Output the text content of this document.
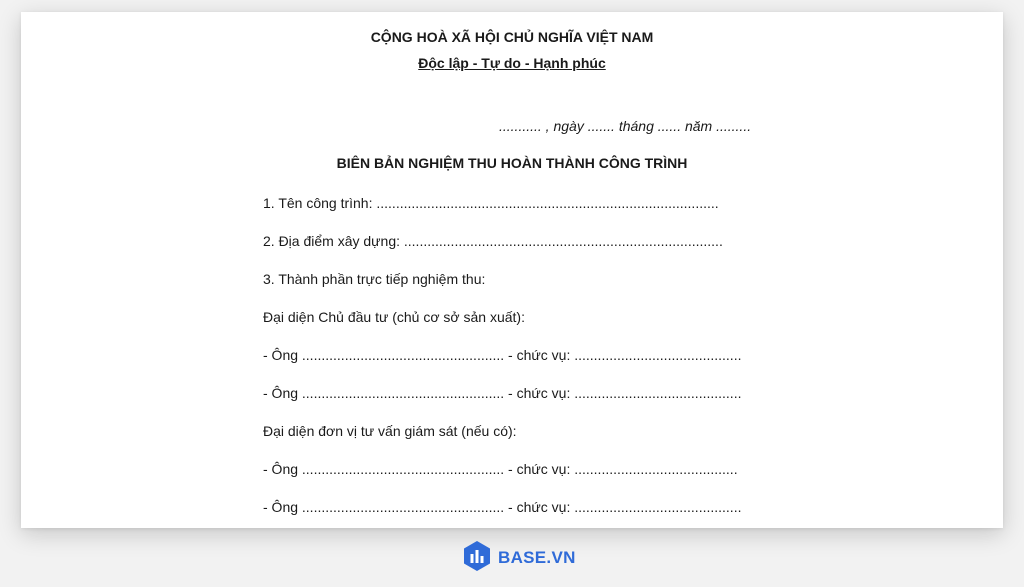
CỘNG HOÀ XÃ HỘI CHỦ NGHĨA VIỆT NAM
Độc lập - Tự do - Hạnh phúc
........... , ngày ....... tháng ...... năm .........
BIÊN BẢN NGHIỆM THU HOÀN THÀNH CÔNG TRÌNH
1. Tên công trình: ........................................................................................
2. Địa điểm xây dựng: ..................................................................................
3. Thành phần trực tiếp nghiệm thu:
Đại diện Chủ đầu tư (chủ cơ sở sản xuất):
- Ông .................................................... - chức vụ: ...........................................
- Ông .................................................... - chức vụ: ...........................................
Đại diện đơn vị tư vấn giám sát (nếu có):
- Ông .................................................... - chức vụ: ..........................................
- Ông .................................................... - chức vụ: ...........................................
BASE.VN
